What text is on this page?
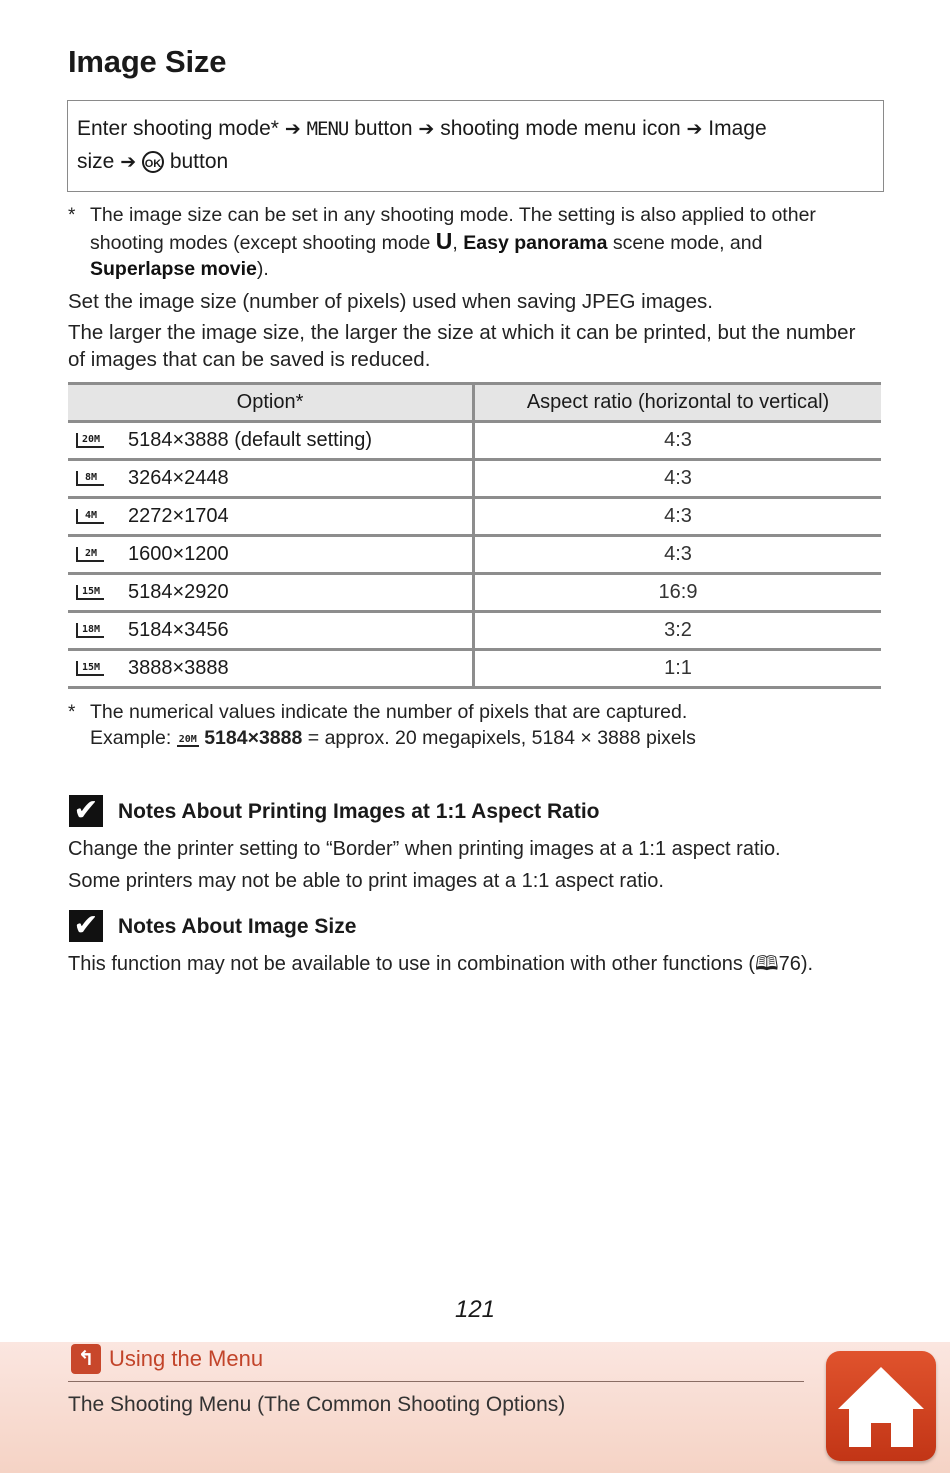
Image Size
Enter shooting mode* ➔ MENU button ➔ shooting mode menu icon ➔ Image
size ➔ OK button
* The image size can be set in any shooting mode. The setting is also applied to other shooting modes (except shooting mode U, Easy panorama scene mode, and Superlapse movie).
Set the image size (number of pixels) used when saving JPEG images.
The larger the image size, the larger the size at which it can be printed, but the number of images that can be saved is reduced.
Option*	Aspect ratio (horizontal to vertical)
20M 5184×3888 (default setting)	4:3
8M 3264×2448	4:3
4M 2272×1704	4:3
2M 1600×1200	4:3
15M 5184×2920	16:9
18M 5184×3456	3:2
15M 3888×3888	1:1
* The numerical values indicate the number of pixels that are captured.
Example: 20M 5184×3888 = approx. 20 megapixels, 5184 × 3888 pixels
✔ Notes About Printing Images at 1:1 Aspect Ratio
Change the printer setting to “Border” when printing images at a 1:1 aspect ratio.
Some printers may not be able to print images at a 1:1 aspect ratio.
✔ Notes About Image Size
This function may not be available to use in combination with other functions (🕮76).
121
↰ Using the Menu
The Shooting Menu (The Common Shooting Options)
